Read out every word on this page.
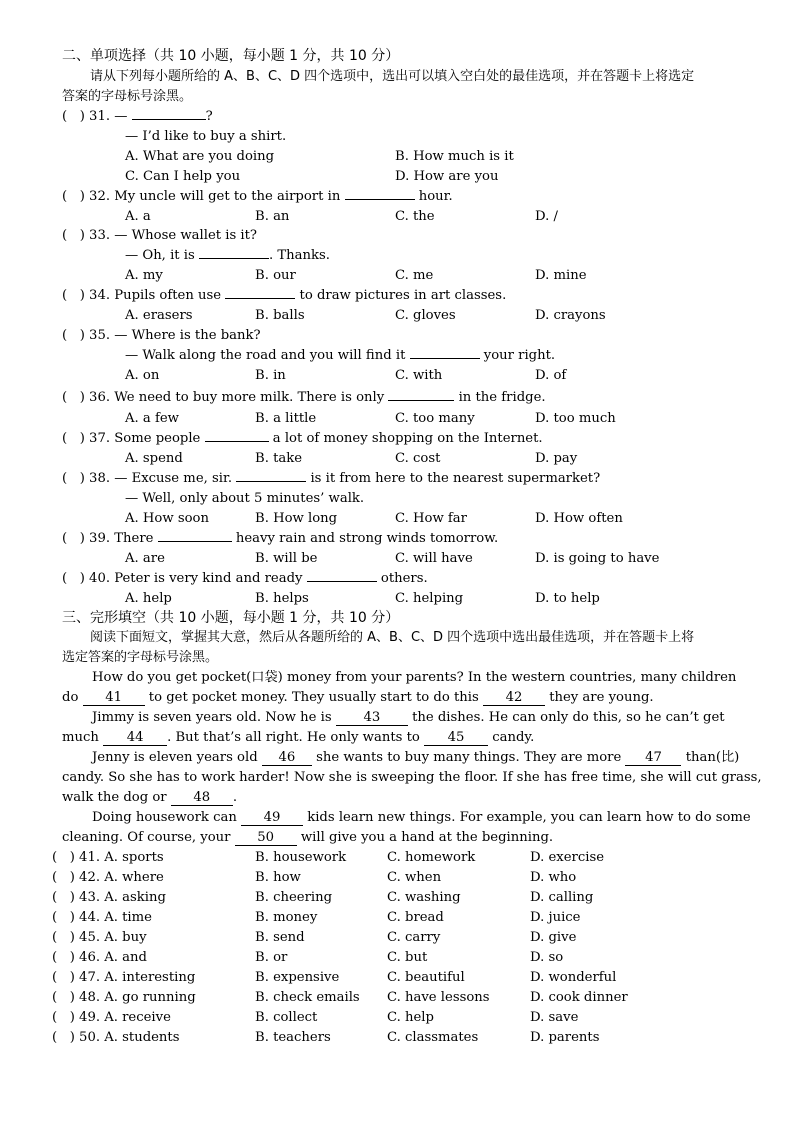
二、单项选择（共 10 小题，每小题 1 分，共 10 分）
请从下列每小题所给的 A、B、C、D 四个选项中，选出可以填入空白处的最佳选项，并在答题卡上将选定
答案的字母标号涂黑。
(   ) 31. —	?
— I’d like to buy a shirt.
A. What are you doing	B. How much is it
C. Can I help you	D. How are you
(   ) 32. My uncle will get to the airport in	hour.
A. a	B. an	C. the	D. /
(   ) 33. — Whose wallet is it?
— Oh, it is	. Thanks.
A. my	B. our	C. me	D. mine
(   ) 34. Pupils often use	to draw pictures in art classes.
A. erasers	B. balls	C. gloves	D. crayons
(   ) 35. — Where is the bank?
— Walk along the road and you will find it	your right.
A. on	B. in	C. with	D. of
(   ) 36. We need to buy more milk. There is only	in the fridge.
A. a few	B. a little	C. too many	D. too much
(   ) 37. Some people	a lot of money shopping on the Internet.
A. spend	B. take	C. cost	D. pay
(   ) 38. — Excuse me, sir.	is it from here to the nearest supermarket?
— Well, only about 5 minutes’ walk.
A. How soon	B. How long	C. How far	D. How often
(   ) 39. There	heavy rain and strong winds tomorrow.
A. are	B. will be	C. will have	D. is going to have
(   ) 40. Peter is very kind and ready	others.
A. help	B. helps	C. helping	D. to help
三、完形填空（共 10 小题，每小题 1 分，共 10 分）
阅读下面短文，掌握其大意，然后从各题所给的 A、B、C、D 四个选项中选出最佳选项，并在答题卡上将
选定答案的字母标号涂黑。
How do you get pocket(口袋) money from your parents? In the western countries, many children
do 41 to get pocket money. They usually start to do this 42 they are young.
Jimmy is seven years old. Now he is 43 the dishes. He can only do this, so he can’t get
much 44 . But that’s all right. He only wants to 45 candy.
Jenny is eleven years old 46 she wants to buy many things. They are more 47 than(比)
candy. So she has to work harder! Now she is sweeping the floor. If she has free time, she will cut grass,
walk the dog or 48 .
Doing housework can 49 kids learn new things. For example, you can learn how to do some
cleaning. Of course, your 50 will give you a hand at the beginning.
(   ) 41. A. sports	B. housework	C. homework	D. exercise
(   ) 42. A. where	B. how	C. when	D. who
(   ) 43. A. asking	B. cheering	C. washing	D. calling
(   ) 44. A. time	B. money	C. bread	D. juice
(   ) 45. A. buy	B. send	C. carry	D. give
(   ) 46. A. and	B. or	C. but	D. so
(   ) 47. A. interesting	B. expensive	C. beautiful	D. wonderful
(   ) 48. A. go running	B. check emails C. have lessons	D. cook dinner
(   ) 49. A. receive	B. collect	C. help	D. save
(   ) 50. A. students	B. teachers	C. classmates	D. parents
